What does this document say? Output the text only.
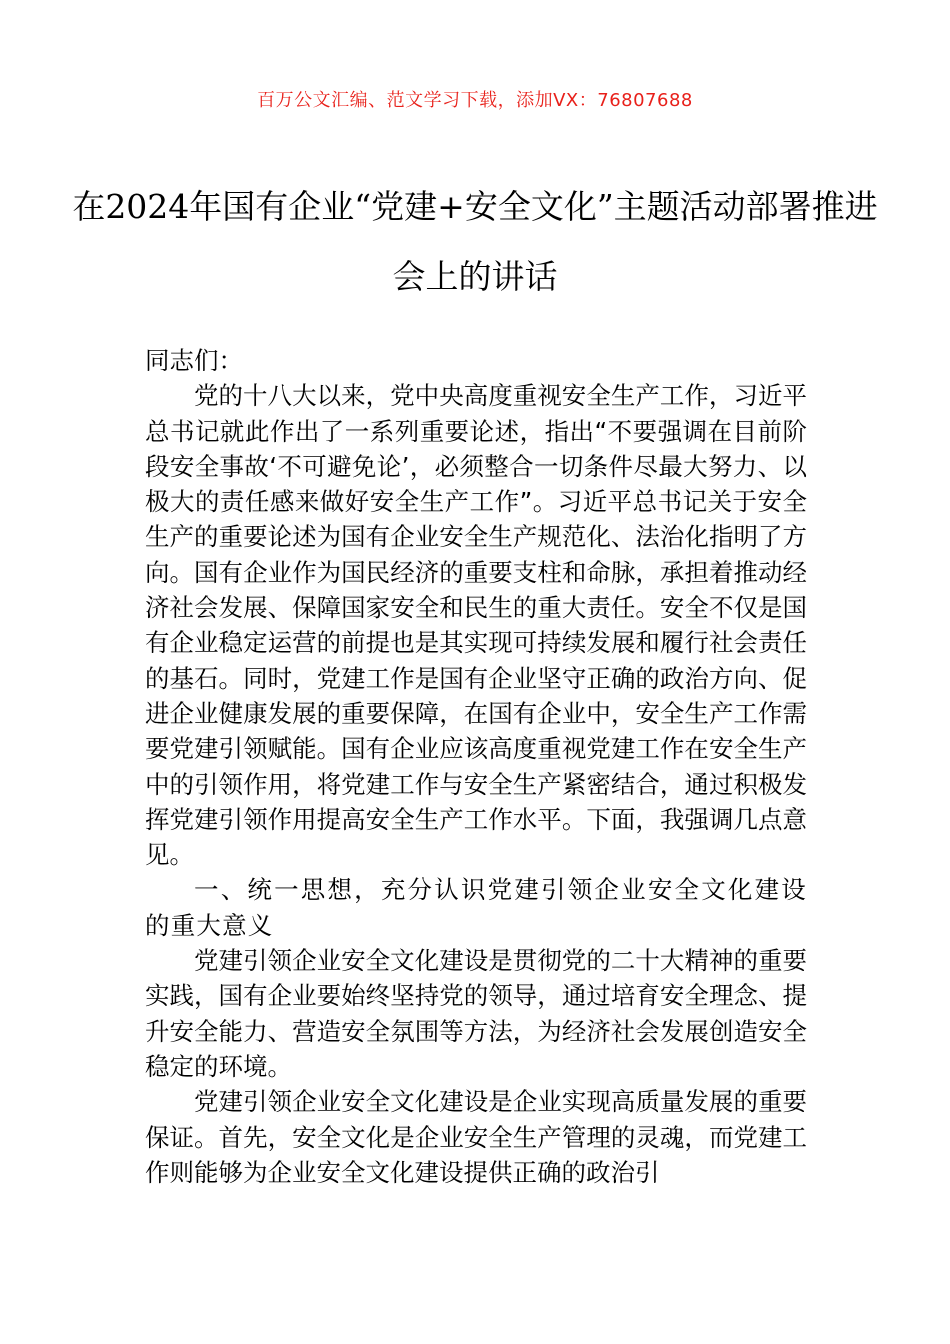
百万公文汇编、范文学习下载，添加VX：76807688
在2024年国有企业“党建+安全文化”主题活动部署推进会上的讲话

同志们：

党的十八大以来，党中央高度重视安全生产工作，习近平总书记就此作出了一系列重要论述，指出“不要强调在目前阶段安全事故‘不可避免论’，必须整合一切条件尽最大努力、以极大的责任感来做好安全生产工作”。习近平总书记关于安全生产的重要论述为国有企业安全生产规范化、法治化指明了方向。国有企业作为国民经济的重要支柱和命脉，承担着推动经济社会发展、保障国家安全和民生的重大责任。安全不仅是国有企业稳定运营的前提也是其实现可持续发展和履行社会责任的基石。同时，党建工作是国有企业坚守正确的政治方向、促进企业健康发展的重要保障，在国有企业中，安全生产工作需要党建引领赋能。国有企业应该高度重视党建工作在安全生产中的引领作用，将党建工作与安全生产紧密结合，通过积极发挥党建引领作用提高安全生产工作水平。下面，我强调几点意见。

一、统一思想，充分认识党建引领企业安全文化建设的重大意义

党建引领企业安全文化建设是贯彻党的二十大精神的重要实践，国有企业要始终坚持党的领导，通过培育安全理念、提升安全能力、营造安全氛围等方法，为经济社会发展创造安全稳定的环境。

党建引领企业安全文化建设是企业实现高质量发展的重要保证。首先，安全文化是企业安全生产管理的灵魂，而党建工作则能够为企业安全文化建设提供正确的政治引
